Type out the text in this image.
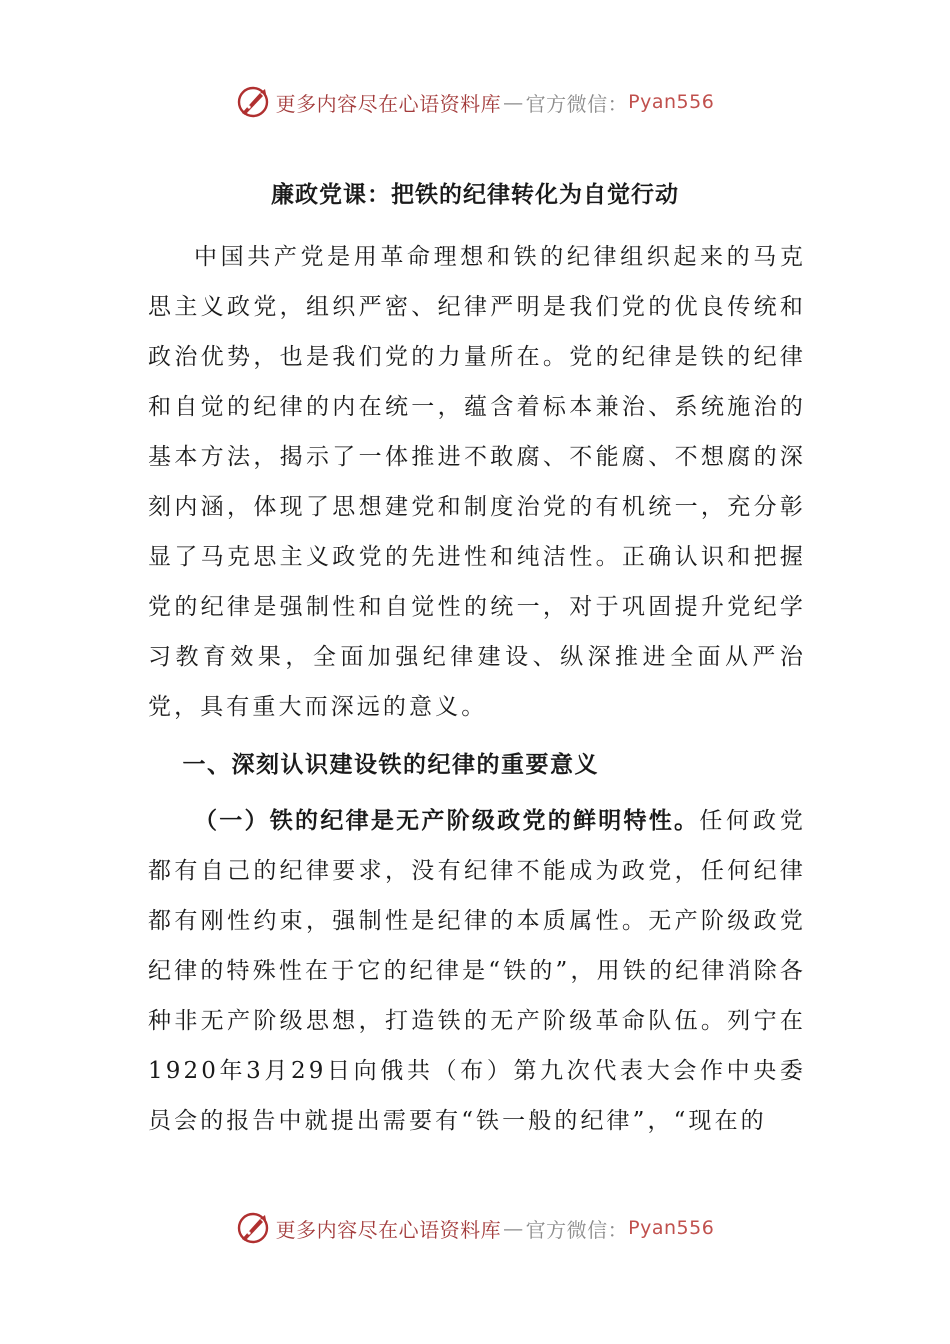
更多内容尽在心语资料库 — 官方微信： Pyan556
廉政党课：把铁的纪律转化为自觉行动

中国共产党是用革命理想和铁的纪律组织起来的马克思主义政党，组织严密、纪律严明是我们党的优良传统和政治优势，也是我们党的力量所在。党的纪律是铁的纪律和自觉的纪律的内在统一，蕴含着标本兼治、系统施治的基本方法，揭示了一体推进不敢腐、不能腐、不想腐的深刻内涵，体现了思想建党和制度治党的有机统一，充分彰显了马克思主义政党的先进性和纯洁性。正确认识和把握党的纪律是强制性和自觉性的统一，对于巩固提升党纪学习教育效果，全面加强纪律建设、纵深推进全面从严治党，具有重大而深远的意义。

一、深刻认识建设铁的纪律的重要意义

（一）铁的纪律是无产阶级政党的鲜明特性。任何政党都有自己的纪律要求，没有纪律不能成为政党，任何纪律都有刚性约束，强制性是纪律的本质属性。无产阶级政党纪律的特殊性在于它的纪律是“铁的”，用铁的纪律消除各种非无产阶级思想，打造铁的无产阶级革命队伍。列宁在1920年3月29日向俄共（布）第九次代表大会作中央委员会的报告中就提出需要有“铁一般的纪律”，“现在的

更多内容尽在心语资料库 — 官方微信： Pyan556
